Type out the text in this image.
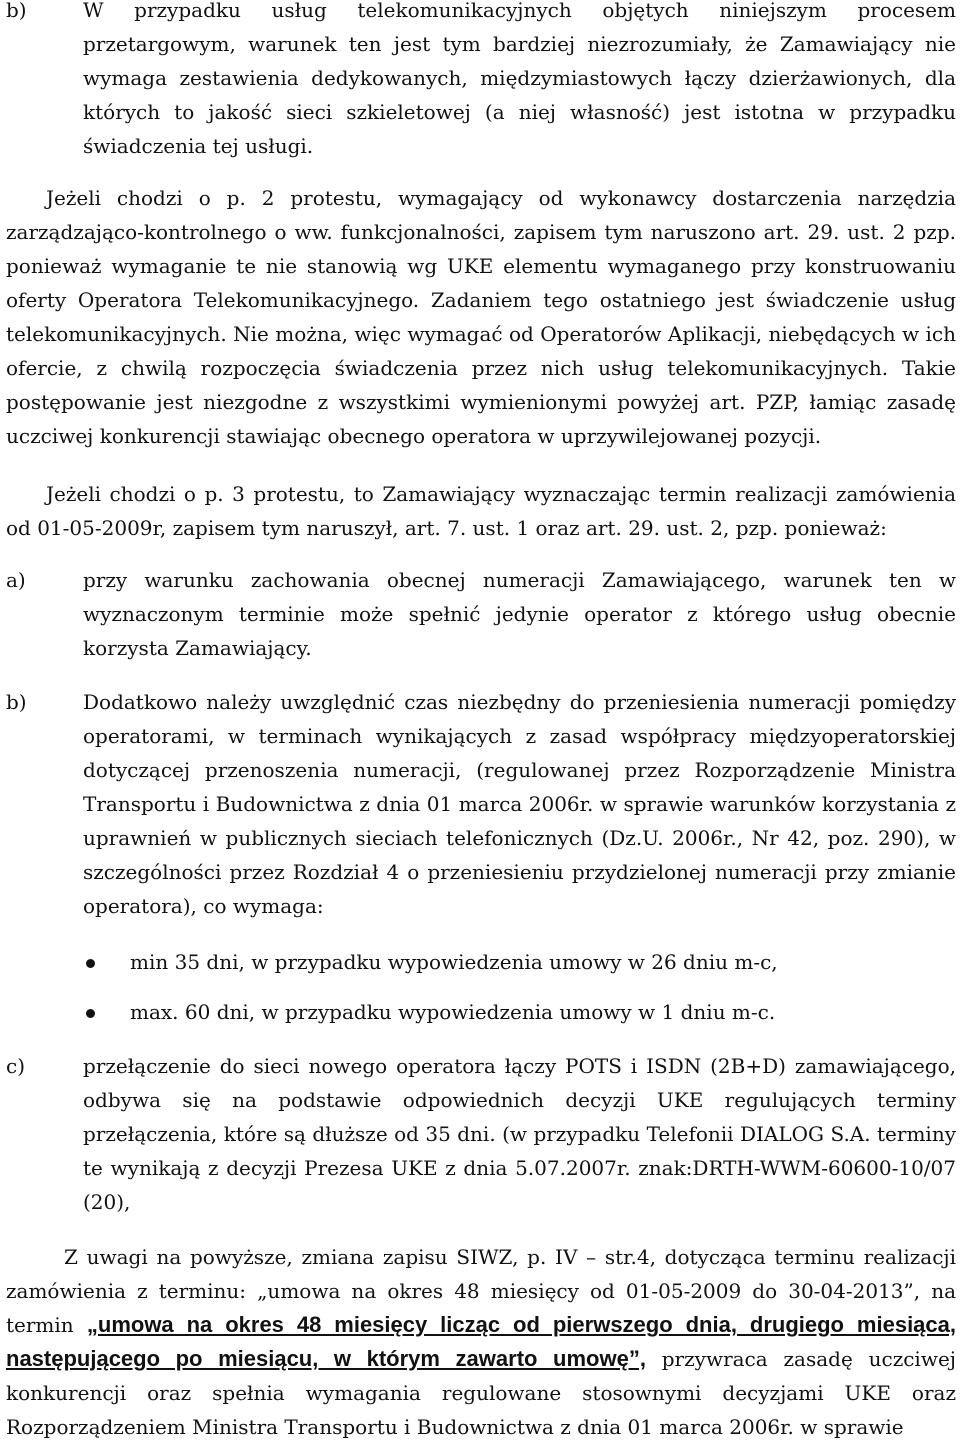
b)	W przypadku usług telekomunikacyjnych objętych niniejszym procesem przetargowym, warunek ten jest tym bardziej niezrozumiały, że Zamawiający nie wymaga zestawienia dedykowanych, międzymiastowych łączy dzierżawionych, dla których to jakość sieci szkieletowej (a niej własność) jest istotna w przypadku świadczenia tej usługi.

Jeżeli chodzi o p. 2 protestu, wymagający od wykonawcy dostarczenia narzędzia zarządzająco-kontrolnego o ww. funkcjonalności, zapisem tym naruszono art. 29. ust. 2 pzp. ponieważ wymaganie te nie stanowią wg UKE elementu wymaganego przy konstruowaniu oferty Operatora Telekomunikacyjnego. Zadaniem tego ostatniego jest świadczenie usług telekomunikacyjnych. Nie można, więc wymagać od Operatorów Aplikacji, niebędących w ich ofercie, z chwilą rozpoczęcia świadczenia przez nich usług telekomunikacyjnych. Takie postępowanie jest niezgodne z wszystkimi wymienionymi powyżej art. PZP, łamiąc zasadę uczciwej konkurencji stawiając obecnego operatora w uprzywilejowanej pozycji.

Jeżeli chodzi o p. 3 protestu, to Zamawiający wyznaczając termin realizacji zamówienia od 01-05-2009r, zapisem tym naruszył, art. 7. ust. 1 oraz art. 29. ust. 2, pzp. ponieważ:

a)	przy warunku zachowania obecnej numeracji Zamawiającego, warunek ten w wyznaczonym terminie może spełnić jedynie operator z którego usług obecnie korzysta Zamawiający.

b)	Dodatkowo należy uwzględnić czas niezbędny do przeniesienia numeracji pomiędzy operatorami, w terminach wynikających z zasad współpracy międzyoperatorskiej dotyczącej przenoszenia numeracji, (regulowanej przez Rozporządzenie Ministra Transportu i Budownictwa z dnia 01 marca 2006r. w sprawie warunków korzystania z uprawnień w publicznych sieciach telefonicznych (Dz.U. 2006r., Nr 42, poz. 290), w szczególności przez Rozdział 4 o przeniesieniu przydzielonej numeracji przy zmianie operatora), co wymaga:

min 35 dni, w przypadku wypowiedzenia umowy w 26 dniu m-c,

max. 60 dni, w przypadku wypowiedzenia umowy w 1 dniu m-c.

c)	przełączenie do sieci nowego operatora łączy POTS i ISDN (2B+D) zamawiającego, odbywa się na podstawie odpowiednich decyzji UKE regulujących terminy przełączenia, które są dłuższe od 35 dni. (w przypadku Telefonii DIALOG S.A. terminy te wynikają z decyzji Prezesa UKE z dnia 5.07.2007r. znak:DRTH-WWM-60600-10/07 (20),

Z uwagi na powyższe, zmiana zapisu SIWZ, p. IV – str.4, dotycząca terminu realizacji zamówienia z terminu: „umowa na okres 48 miesięcy od 01-05-2009 do 30-04-2013”, na termin „umowa na okres 48 miesięcy licząc od pierwszego dnia, drugiego miesiąca, następującego po miesiącu, w którym zawarto umowę”, przywraca zasadę uczciwej konkurencji oraz spełnia wymagania regulowane stosownymi decyzjami UKE oraz Rozporządzeniem Ministra Transportu i Budownictwa z dnia 01 marca 2006r. w sprawie
